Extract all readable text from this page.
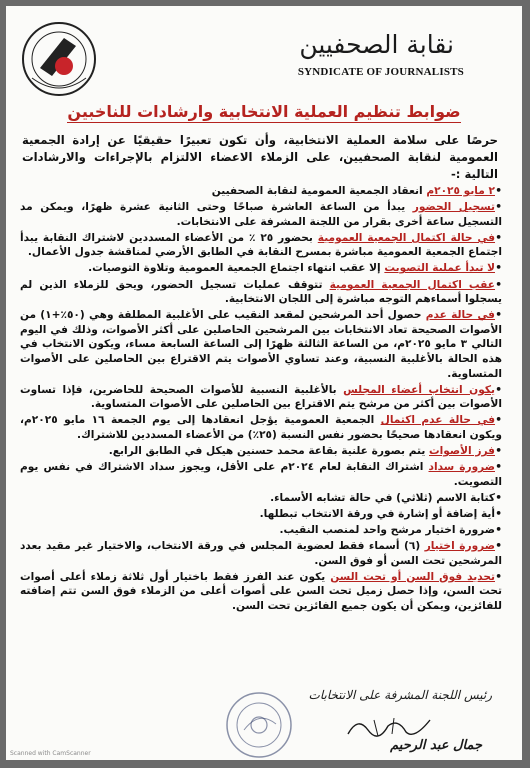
نقابة الصحفيين
SYNDICATE OF JOURNALISTS
ضوابط تنظيم العملية الانتخابية وارشادات للناخبين
حرصًا على سلامة العملية الانتخابية، وأن تكون تعبيرًا حقيقيًا عن إرادة الجمعية العمومية لنقابة الصحفيين، على الزملاء الاعضاء الالتزام بالإجراءات والارشادات التالية :-
•٢ مايو ٢٠٢٥م انعقاد الجمعية العمومية لنقابة الصحفيين
•تسجيل الحضور يبدأ من الساعة العاشرة صباحًا وحتى الثانية عشرة ظهرًا، ويمكن مد التسجيل ساعة أخرى بقرار من اللجنة المشرفة على الانتخابات.
•في حالة اكتمال الجمعية العمومية بحضور ٢٥ ٪ من الأعضاء المسددين لاشتراك النقابة يبدأ اجتماع الجمعية العمومية مباشرة بمسرح النقابة في الطابق الأرضي لمناقشة جدول الأعمال.
•لا تبدأ عملية التصويت إلا عقب انتهاء اجتماع الجمعية العمومية وتلاوة التوصيات.
•عقب اكتمال الجمعية العمومية تتوقف عمليات تسجيل الحضور، ويحق للزملاء الذين لم يسجلوا أسماءهم التوجه مباشرة إلى اللجان الانتخابية.
•في حالة عدم حصول أحد المرشحين لمقعد النقيب على الأغلبية المطلقة وهي (٥٠٪+١) من الأصوات الصحيحة تعاد الانتخابات بين المرشحين الحاصلين على أكثر الأصوات، وذلك في اليوم التالي ٣ مايو ٢٠٢٥م، من الساعة الثالثة ظهرًا إلى الساعة السابعة مساء، ويكون الانتخاب في هذه الحالة بالأغلبية النسبية، وعند تساوي الأصوات يتم الاقتراع بين الحاصلين على الأصوات المتساوية.
•يكون انتخاب أعضاء المجلس بالأغلبية النسبية للأصوات الصحيحة للحاضرين، فإذا تساوت الأصوات بين أكثر من مرشح يتم الاقتراع بين الحاصلين على الأصوات المتساوية.
•في حالة عدم اكتمال الجمعية العمومية يؤجل انعقادها إلى يوم الجمعة ١٦ مايو ٢٠٢٥م، ويكون انعقادها صحيحًا بحضور نفس النسبة (٢٥٪) من الأعضاء المسددين للاشتراك.
•فرز الأصوات يتم بصورة علنية بقاعة محمد حسنين هيكل في الطابق الرابع.
•ضرورة سداد اشتراك النقابة لعام ٢٠٢٤م على الأقل، ويجوز سداد الاشتراك في نفس يوم التصويت.
•كتابة الاسم (ثلاثي) في حالة تشابه الأسماء.
•أية إضافة أو إشارة في ورقة الانتخاب تبطلها.
•ضرورة اختيار مرشح واحد لمنصب النقيب.
•ضرورة اختيار (٦) أسماء فقط لعضوية المجلس في ورقة الانتخاب، والاختيار غير مقيد بعدد المرشحين تحت السن أو فوق السن.
•تحديد فوق السن أو تحت السن يكون عند الفرز فقط باختيار أول ثلاثة زملاء أعلى أصوات تحت السن، وإذا حصل زميل تحت السن على أصوات أعلى من الزملاء فوق السن تتم إضافته للفائزين، ويمكن أن يكون جميع الفائزين تحت السن.
رئيس اللجنة المشرفة على الانتخابات
جمال عبد الرحيم
Scanned with CamScanner
